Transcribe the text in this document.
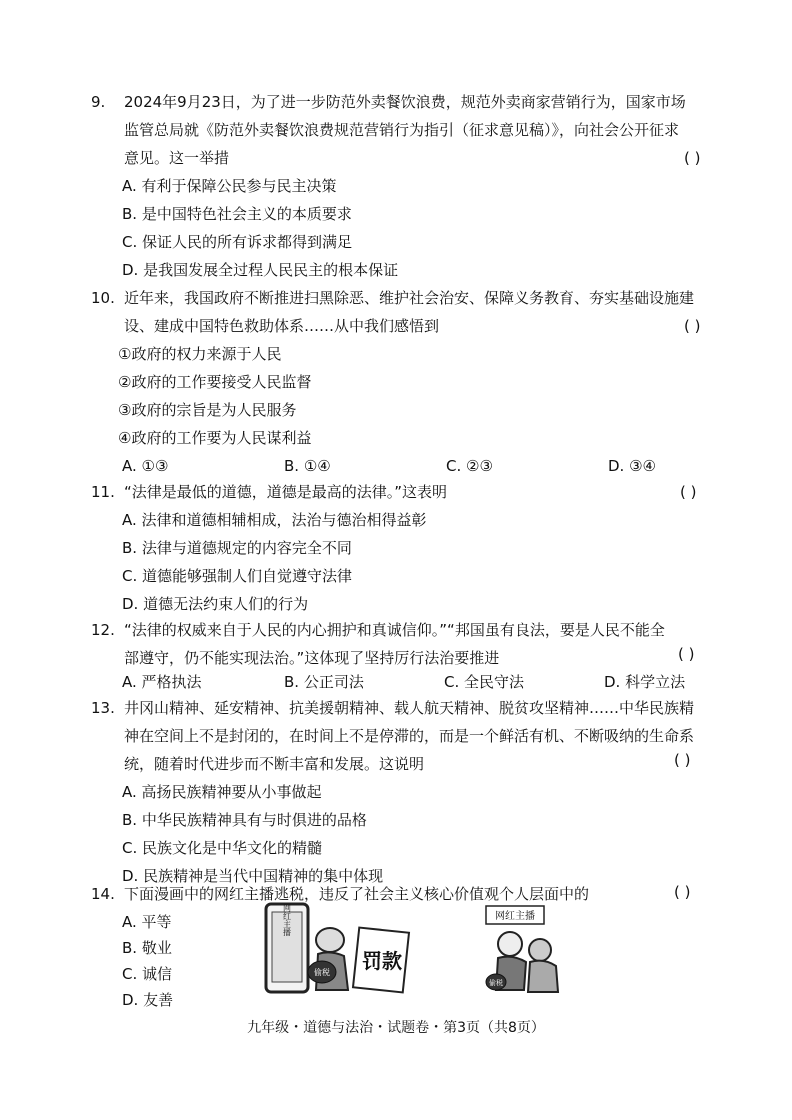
9. 2024年9月23日，为了进一步防范外卖餐饮浪费，规范外卖商家营销行为，国家市场
监管总局就《防范外卖餐饮浪费规范营销行为指引（征求意见稿）》，向社会公开征求
意见。这一举措	( )
A. 有利于保障公民参与民主决策
B. 是中国特色社会主义的本质要求
C. 保证人民的所有诉求都得到满足
D. 是我国发展全过程人民民主的根本保证
10. 近年来，我国政府不断推进扫黑除恶、维护社会治安、保障义务教育、夯实基础设施建
设、建成中国特色救助体系……从中我们感悟到	( )
①政府的权力来源于人民
②政府的工作要接受人民监督
③政府的宗旨是为人民服务
④政府的工作要为人民谋利益
A. ①③	B. ①④	C. ②③	D. ③④
11. “法律是最低的道德，道德是最高的法律。”这表明	( )
A. 法律和道德相辅相成，法治与德治相得益彰
B. 法律与道德规定的内容完全不同
C. 道德能够强制人们自觉遵守法律
D. 道德无法约束人们的行为
12. “法律的权威来自于人民的内心拥护和真诚信仰。”“邦国虽有良法，要是人民不能全
部遵守，仍不能实现法治。”这体现了坚持厉行法治要推进	( )
A. 严格执法	B. 公正司法	C. 全民守法	D. 科学立法
13. 井冈山精神、延安精神、抗美援朝精神、载人航天精神、脱贫攻坚精神……中华民族精
神在空间上不是封闭的，在时间上不是停滞的，而是一个鲜活有机、不断吸纳的生命系
统，随着时代进步而不断丰富和发展。这说明	( )
A. 高扬民族精神要从小事做起
B. 中华民族精神具有与时俱进的品格
C. 民族文化是中华文化的精髓
D. 民族精神是当代中国精神的集中体现
14. 下面漫画中的网红主播逃税，违反了社会主义核心价值观个人层面中的	( )
A. 平等
B. 敬业
C. 诚信
D. 友善
网红主播
偷税 罚款
网红主播
偷税
九年级・道德与法治・试题卷・第3页（共8页）
